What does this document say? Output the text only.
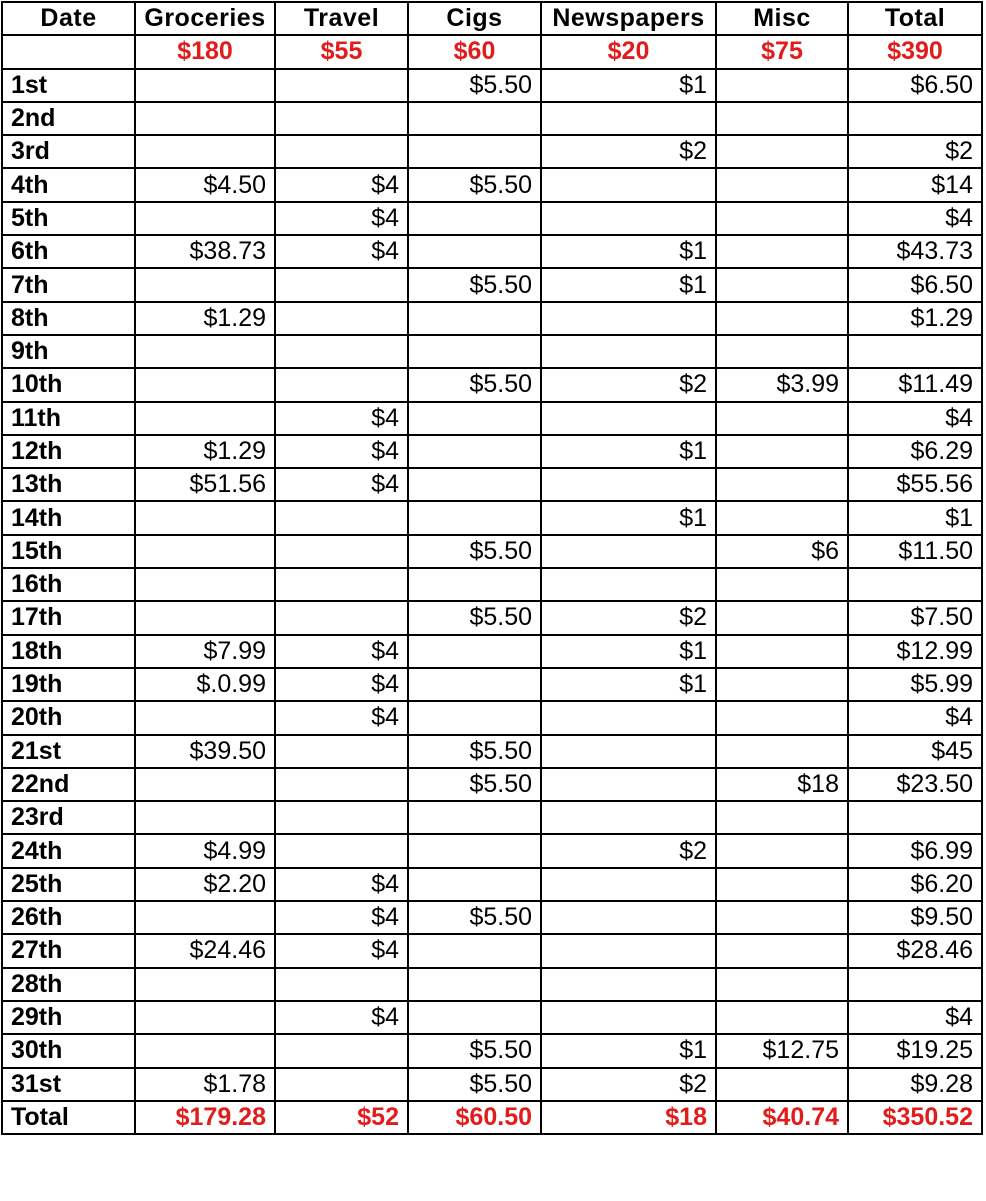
Date	Groceries	Travel	Cigs	Newspapers	Misc	Total
	$180	$55	$60	$20	$75	$390
1st			$5.50	$1		$6.50
2nd						
3rd				$2		$2
4th	$4.50	$4	$5.50			$14
5th		$4				$4
6th	$38.73	$4		$1		$43.73
7th			$5.50	$1		$6.50
8th	$1.29					$1.29
9th						
10th			$5.50	$2	$3.99	$11.49
11th		$4				$4
12th	$1.29	$4		$1		$6.29
13th	$51.56	$4				$55.56
14th				$1		$1
15th			$5.50		$6	$11.50
16th						
17th			$5.50	$2		$7.50
18th	$7.99	$4		$1		$12.99
19th	$.0.99	$4		$1		$5.99
20th		$4				$4
21st	$39.50		$5.50			$45
22nd			$5.50		$18	$23.50
23rd						
24th	$4.99			$2		$6.99
25th	$2.20	$4				$6.20
26th		$4	$5.50			$9.50
27th	$24.46	$4				$28.46
28th						
29th		$4				$4
30th			$5.50	$1	$12.75	$19.25
31st	$1.78		$5.50	$2		$9.28
Total	$179.28	$52	$60.50	$18	$40.74	$350.52
